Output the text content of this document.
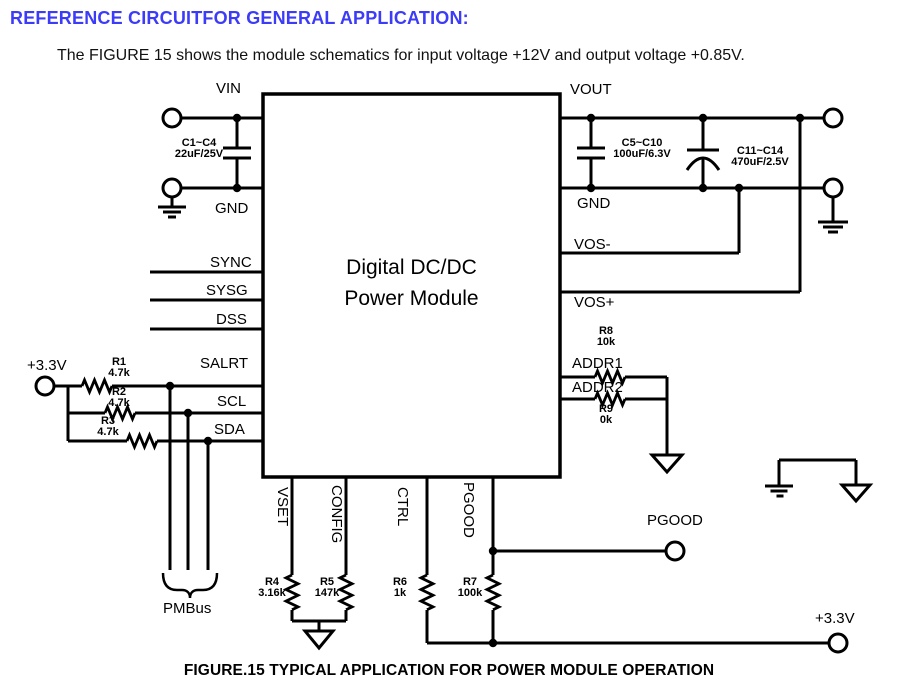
REFERENCE CIRCUITFOR GENERAL APPLICATION:
The FIGURE 15 shows the module schematics for input voltage +12V and output voltage +0.85V.
Digital DC/DC
Power Module
VIN
GND
SYNC
SYSG
DSS
SALRT
SCL
SDA
VOUT
GND
VOS-
VOS+
ADDR1
ADDR2
VSET CONFIG	CTRL	PGOOD
+3.3V
PMBus
PGOOD
+3.3V
C1~C4
22uF/25V
C5~C10
100uF/6.3V	C11~C14
470uF/2.5V
R1
4.7k
R2
4.7k
R3
4.7k
R4
3.16k
R5
147k
R6
1k
R7
100k
R8
10k
R9
0k
FIGURE.15 TYPICAL APPLICATION FOR POWER MODULE OPERATION
